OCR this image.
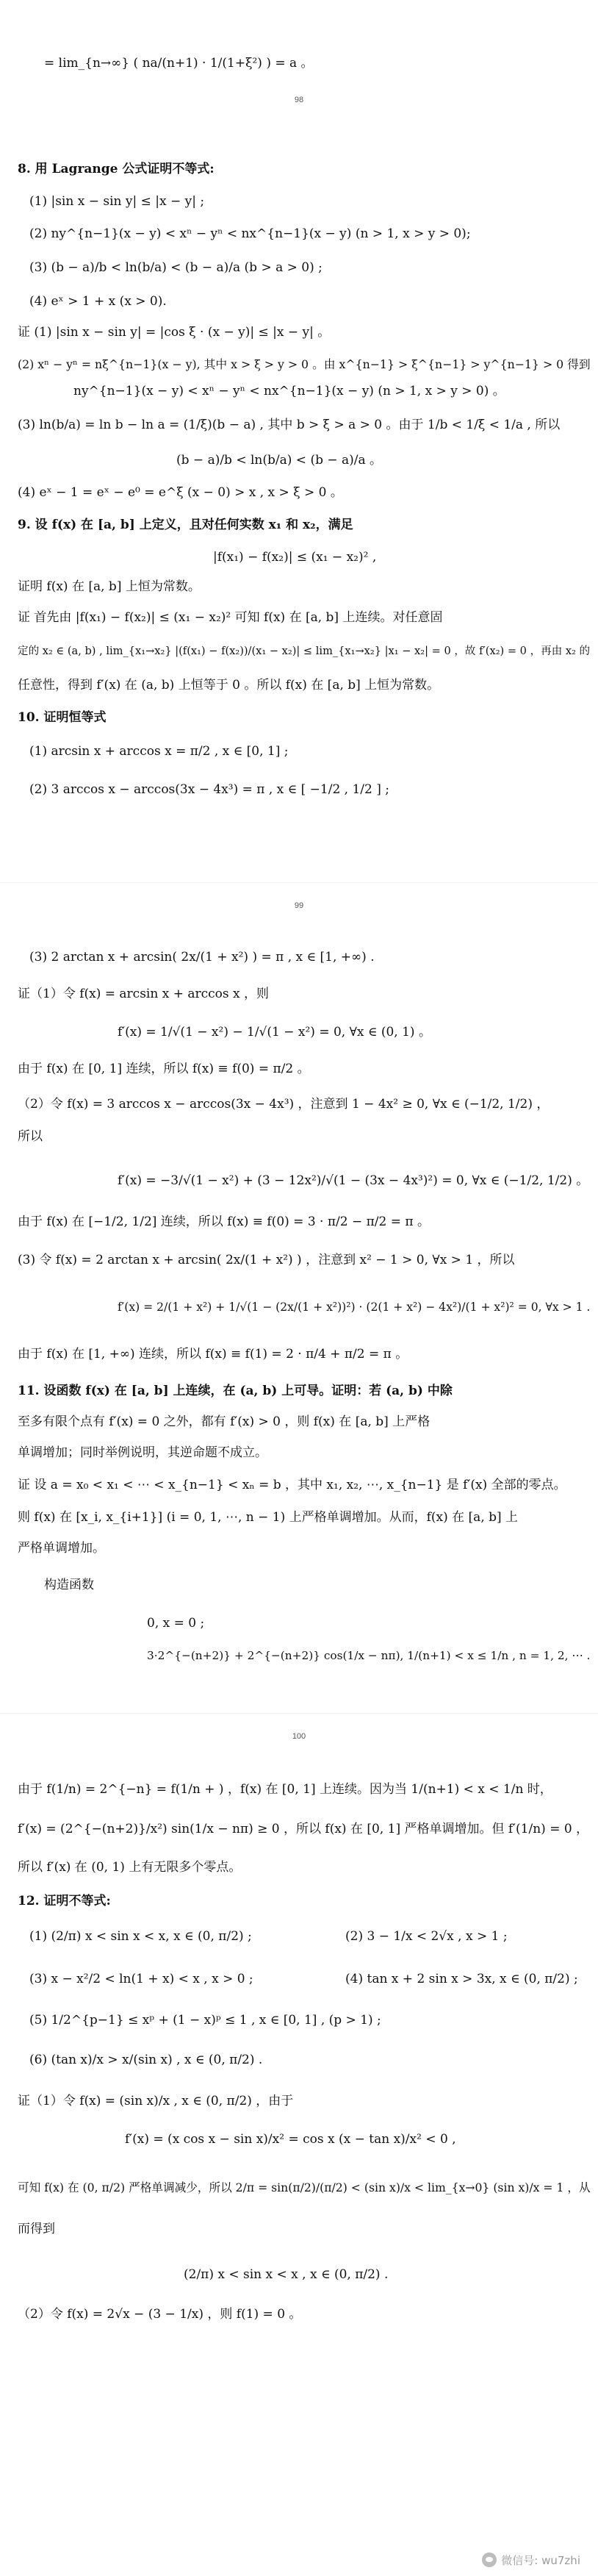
= lim_{n→∞} ( na/(n+1) · 1/(1+ξ²) ) = a 。
8. 用 Lagrange 公式证明不等式:
(1) |sin x − sin y| ≤ |x − y| ;
(2) ny^{n−1}(x − y) < xⁿ − yⁿ < nx^{n−1}(x − y) (n > 1, x > y > 0);
(3) (b − a)/b < ln(b/a) < (b − a)/a (b > a > 0) ;
(4) eˣ > 1 + x (x > 0).
证 (1) |sin x − sin y| = |cos ξ · (x − y)| ≤ |x − y| 。
(2) xⁿ − yⁿ = nξ^{n−1}(x − y), 其中 x > ξ > y > 0 。由 x^{n−1} > ξ^{n−1} > y^{n−1} > 0 得到
ny^{n−1}(x − y) < xⁿ − yⁿ < nx^{n−1}(x − y) (n > 1, x > y > 0) 。
(3) ln(b/a) = ln b − ln a = (1/ξ)(b − a) , 其中 b > ξ > a > 0 。由于 1/b < 1/ξ < 1/a , 所以
(b − a)/b < ln(b/a) < (b − a)/a 。
(4) eˣ − 1 = eˣ − e⁰ = e^ξ (x − 0) > x , x > ξ > 0 。
9. 设 f(x) 在 [a, b] 上定义，且对任何实数 x₁ 和 x₂，满足
|f(x₁) − f(x₂)| ≤ (x₁ − x₂)² ,
证明 f(x) 在 [a, b] 上恒为常数。
证 首先由 |f(x₁) − f(x₂)| ≤ (x₁ − x₂)² 可知 f(x) 在 [a, b] 上连续。对任意固
定的 x₂ ∈ (a, b) , lim_{x₁→x₂} |(f(x₁) − f(x₂))/(x₁ − x₂)| ≤ lim_{x₁→x₂} |x₁ − x₂| = 0 ，故 f′(x₂) = 0 ，再由 x₂ 的
任意性，得到 f′(x) 在 (a, b) 上恒等于 0 。所以 f(x) 在 [a, b] 上恒为常数。
10. 证明恒等式
(1) arcsin x + arccos x = π/2 , x ∈ [0, 1] ;
(2) 3 arccos x − arccos(3x − 4x³) = π , x ∈ [ −1/2 , 1/2 ] ;
(3) 2 arctan x + arcsin( 2x/(1 + x²) ) = π , x ∈ [1, +∞) .
证（1）令 f(x) = arcsin x + arccos x ，则
f′(x) = 1/√(1 − x²) − 1/√(1 − x²) = 0, ∀x ∈ (0, 1) 。
由于 f(x) 在 [0, 1] 连续，所以 f(x) ≡ f(0) = π/2 。
（2）令 f(x) = 3 arccos x − arccos(3x − 4x³) ，注意到 1 − 4x² ≥ 0, ∀x ∈ (−1/2, 1/2) ，
所以
f′(x) = −3/√(1 − x²) + (3 − 12x²)/√(1 − (3x − 4x³)²) = 0, ∀x ∈ (−1/2, 1/2) 。
由于 f(x) 在 [−1/2, 1/2] 连续，所以 f(x) ≡ f(0) = 3 · π/2 − π/2 = π 。
(3) 令 f(x) = 2 arctan x + arcsin( 2x/(1 + x²) ) ，注意到 x² − 1 > 0, ∀x > 1 ，所以
f′(x) = 2/(1 + x²) + 1/√(1 − (2x/(1 + x²))²) · (2(1 + x²) − 4x²)/(1 + x²)² = 0, ∀x > 1 .
由于 f(x) 在 [1, +∞) 连续，所以 f(x) ≡ f(1) = 2 · π/4 + π/2 = π 。
11. 设函数 f(x) 在 [a, b] 上连续，在 (a, b) 上可导。证明：若 (a, b) 中除
至多有限个点有 f′(x) = 0 之外，都有 f′(x) > 0 ，则 f(x) 在 [a, b] 上严格
单调增加；同时举例说明，其逆命题不成立。
证 设 a = x₀ < x₁ < ⋯ < x_{n−1} < xₙ = b ，其中 x₁, x₂, ⋯, x_{n−1} 是 f′(x) 全部的零点。
则 f(x) 在 [x_i, x_{i+1}] (i = 0, 1, ⋯, n − 1) 上严格单调增加。从而，f(x) 在 [a, b] 上
严格单调增加。
构造函数
0, x = 0 ;
3·2^{−(n+2)} + 2^{−(n+2)} cos(1/x − nπ), 1/(n+1) < x ≤ 1/n , n = 1, 2, ⋯ .
由于 f(1/n) = 2^{−n} = f(1/n + ) ，f(x) 在 [0, 1] 上连续。因为当 1/(n+1) < x < 1/n 时，
f′(x) = (2^{−(n+2)}/x²) sin(1/x − nπ) ≥ 0 ，所以 f(x) 在 [0, 1] 严格单调增加。但 f′(1/n) = 0 ，
所以 f′(x) 在 (0, 1) 上有无限多个零点。
12. 证明不等式:
(1) (2/π) x < sin x < x, x ∈ (0, π/2) ;	(2) 3 − 1/x < 2√x , x > 1 ;
(3) x − x²/2 < ln(1 + x) < x , x > 0 ;	(4) tan x + 2 sin x > 3x, x ∈ (0, π/2) ;
(5) 1/2^{p−1} ≤ xᵖ + (1 − x)ᵖ ≤ 1 , x ∈ [0, 1] , (p > 1) ;
(6) (tan x)/x > x/(sin x) , x ∈ (0, π/2) .
证（1）令 f(x) = (sin x)/x , x ∈ (0, π/2) ，由于
f′(x) = (x cos x − sin x)/x² = cos x (x − tan x)/x² < 0 ,
可知 f(x) 在 (0, π/2) 严格单调减少，所以 2/π = sin(π/2)/(π/2) < (sin x)/x < lim_{x→0} (sin x)/x = 1 ，从
而得到
(2/π) x < sin x < x , x ∈ (0, π/2) .
（2）令 f(x) = 2√x − (3 − 1/x) ，则 f(1) = 0 。
98
99
100
微信号: wu7zhi
